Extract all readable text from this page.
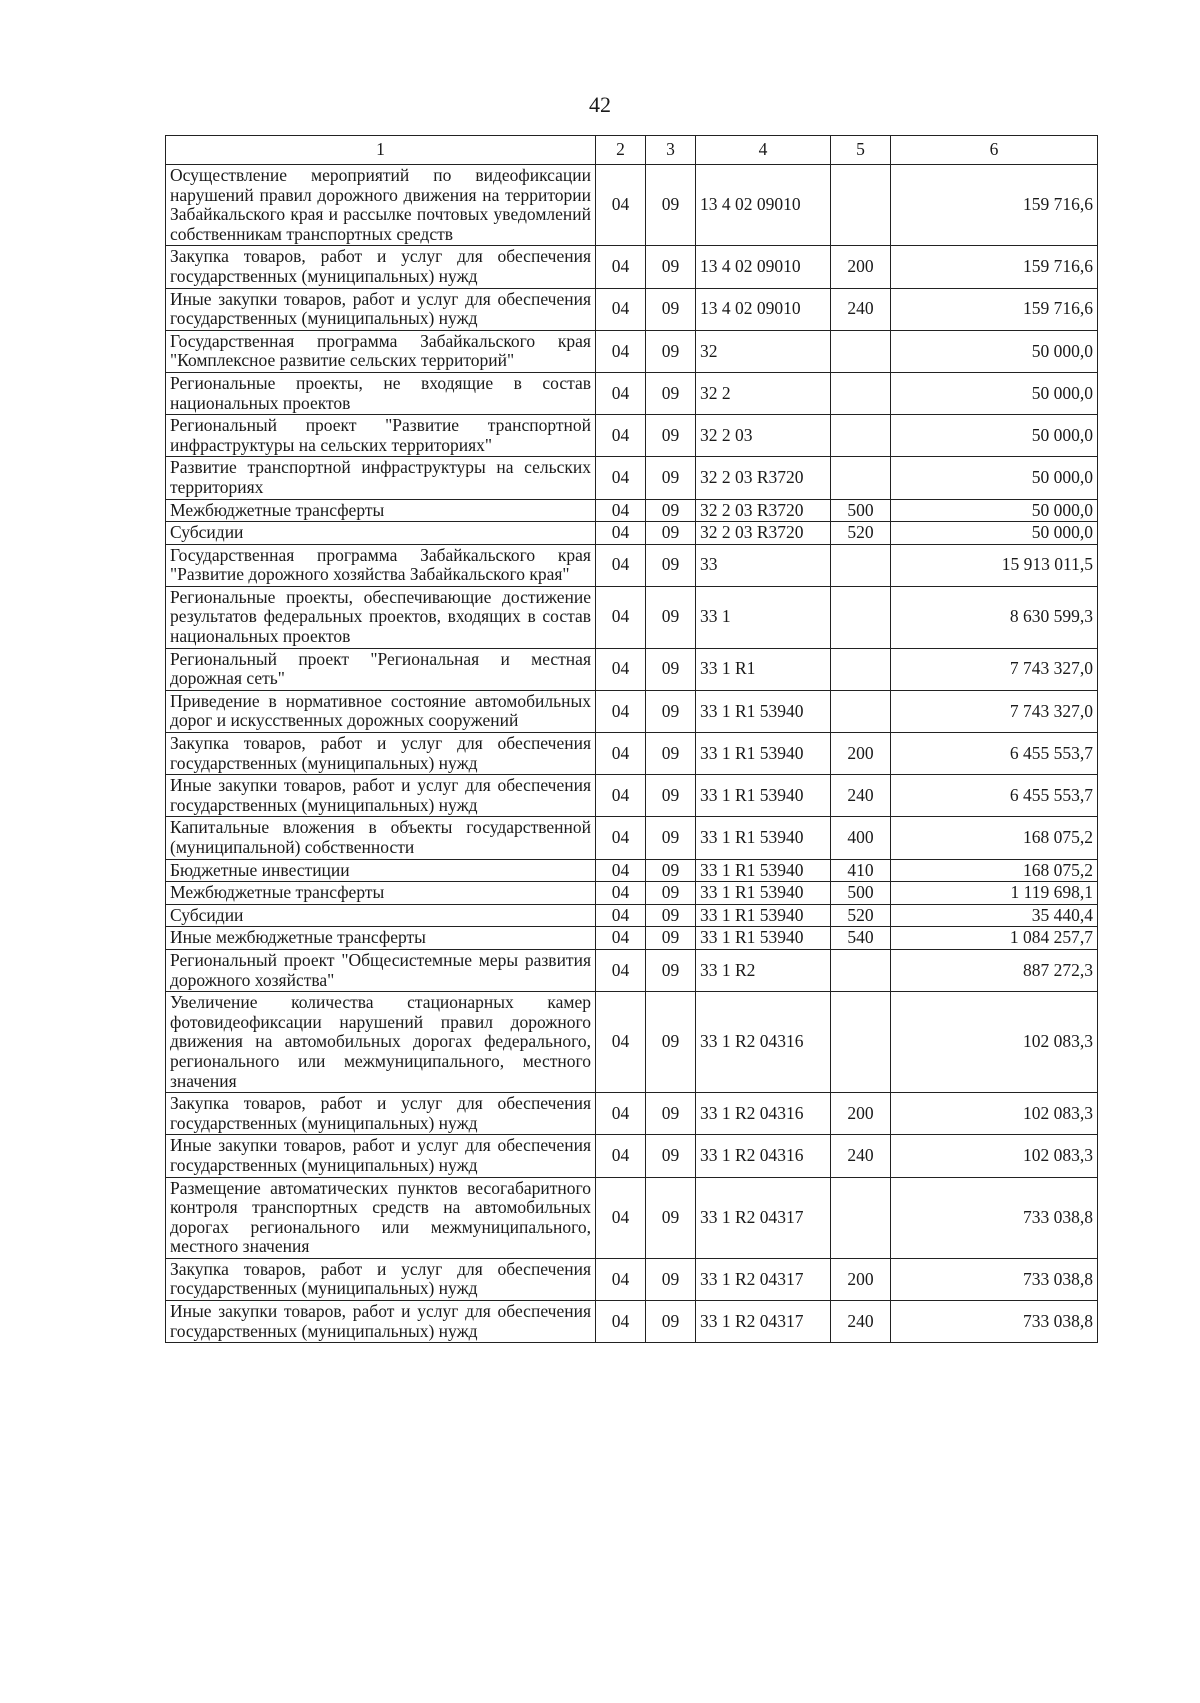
42
1	2	3	4	5	6
Осуществление мероприятий по видеофиксации нарушений правил дорожного движения на территории Забайкальского края и рассылке почтовых уведомлений собственникам транспортных средств	04	09	13 4 02 09010		159 716,6
Закупка товаров, работ и услуг для обеспечения государственных (муниципальных) нужд	04	09	13 4 02 09010	200	159 716,6
Иные закупки товаров, работ и услуг для обеспечения государственных (муниципальных) нужд	04	09	13 4 02 09010	240	159 716,6
Государственная программа Забайкальского края "Комплексное развитие сельских территорий"	04	09	32		50 000,0
Региональные проекты, не входящие в состав национальных проектов	04	09	32 2		50 000,0
Региональный проект "Развитие транспортной инфраструктуры на сельских территориях"	04	09	32 2 03		50 000,0
Развитие транспортной инфраструктуры на сельских территориях	04	09	32 2 03 R3720		50 000,0
Межбюджетные трансферты	04	09	32 2 03 R3720	500	50 000,0
Субсидии	04	09	32 2 03 R3720	520	50 000,0
Государственная программа Забайкальского края "Развитие дорожного хозяйства Забайкальского края"	04	09	33		15 913 011,5
Региональные проекты, обеспечивающие достижение результатов федеральных проектов, входящих в состав национальных проектов	04	09	33 1		8 630 599,3
Региональный проект "Региональная и местная дорожная сеть"	04	09	33 1 R1		7 743 327,0
Приведение в нормативное состояние автомобильных дорог и искусственных дорожных сооружений	04	09	33 1 R1 53940		7 743 327,0
Закупка товаров, работ и услуг для обеспечения государственных (муниципальных) нужд	04	09	33 1 R1 53940	200	6 455 553,7
Иные закупки товаров, работ и услуг для обеспечения государственных (муниципальных) нужд	04	09	33 1 R1 53940	240	6 455 553,7
Капитальные вложения в объекты государственной (муниципальной) собственности	04	09	33 1 R1 53940	400	168 075,2
Бюджетные инвестиции	04	09	33 1 R1 53940	410	168 075,2
Межбюджетные трансферты	04	09	33 1 R1 53940	500	1 119 698,1
Субсидии	04	09	33 1 R1 53940	520	35 440,4
Иные межбюджетные трансферты	04	09	33 1 R1 53940	540	1 084 257,7
Региональный проект "Общесистемные меры развития дорожного хозяйства"	04	09	33 1 R2		887 272,3
Увеличение количества стационарных камер фотовидеофиксации нарушений правил дорожного движения на автомобильных дорогах федерального, регионального или межмуниципального, местного значения	04	09	33 1 R2 04316		102 083,3
Закупка товаров, работ и услуг для обеспечения государственных (муниципальных) нужд	04	09	33 1 R2 04316	200	102 083,3
Иные закупки товаров, работ и услуг для обеспечения государственных (муниципальных) нужд	04	09	33 1 R2 04316	240	102 083,3
Размещение автоматических пунктов весогабаритного контроля транспортных средств на автомобильных дорогах регионального или межмуниципального, местного значения	04	09	33 1 R2 04317		733 038,8
Закупка товаров, работ и услуг для обеспечения государственных (муниципальных) нужд	04	09	33 1 R2 04317	200	733 038,8
Иные закупки товаров, работ и услуг для обеспечения государственных (муниципальных) нужд	04	09	33 1 R2 04317	240	733 038,8
